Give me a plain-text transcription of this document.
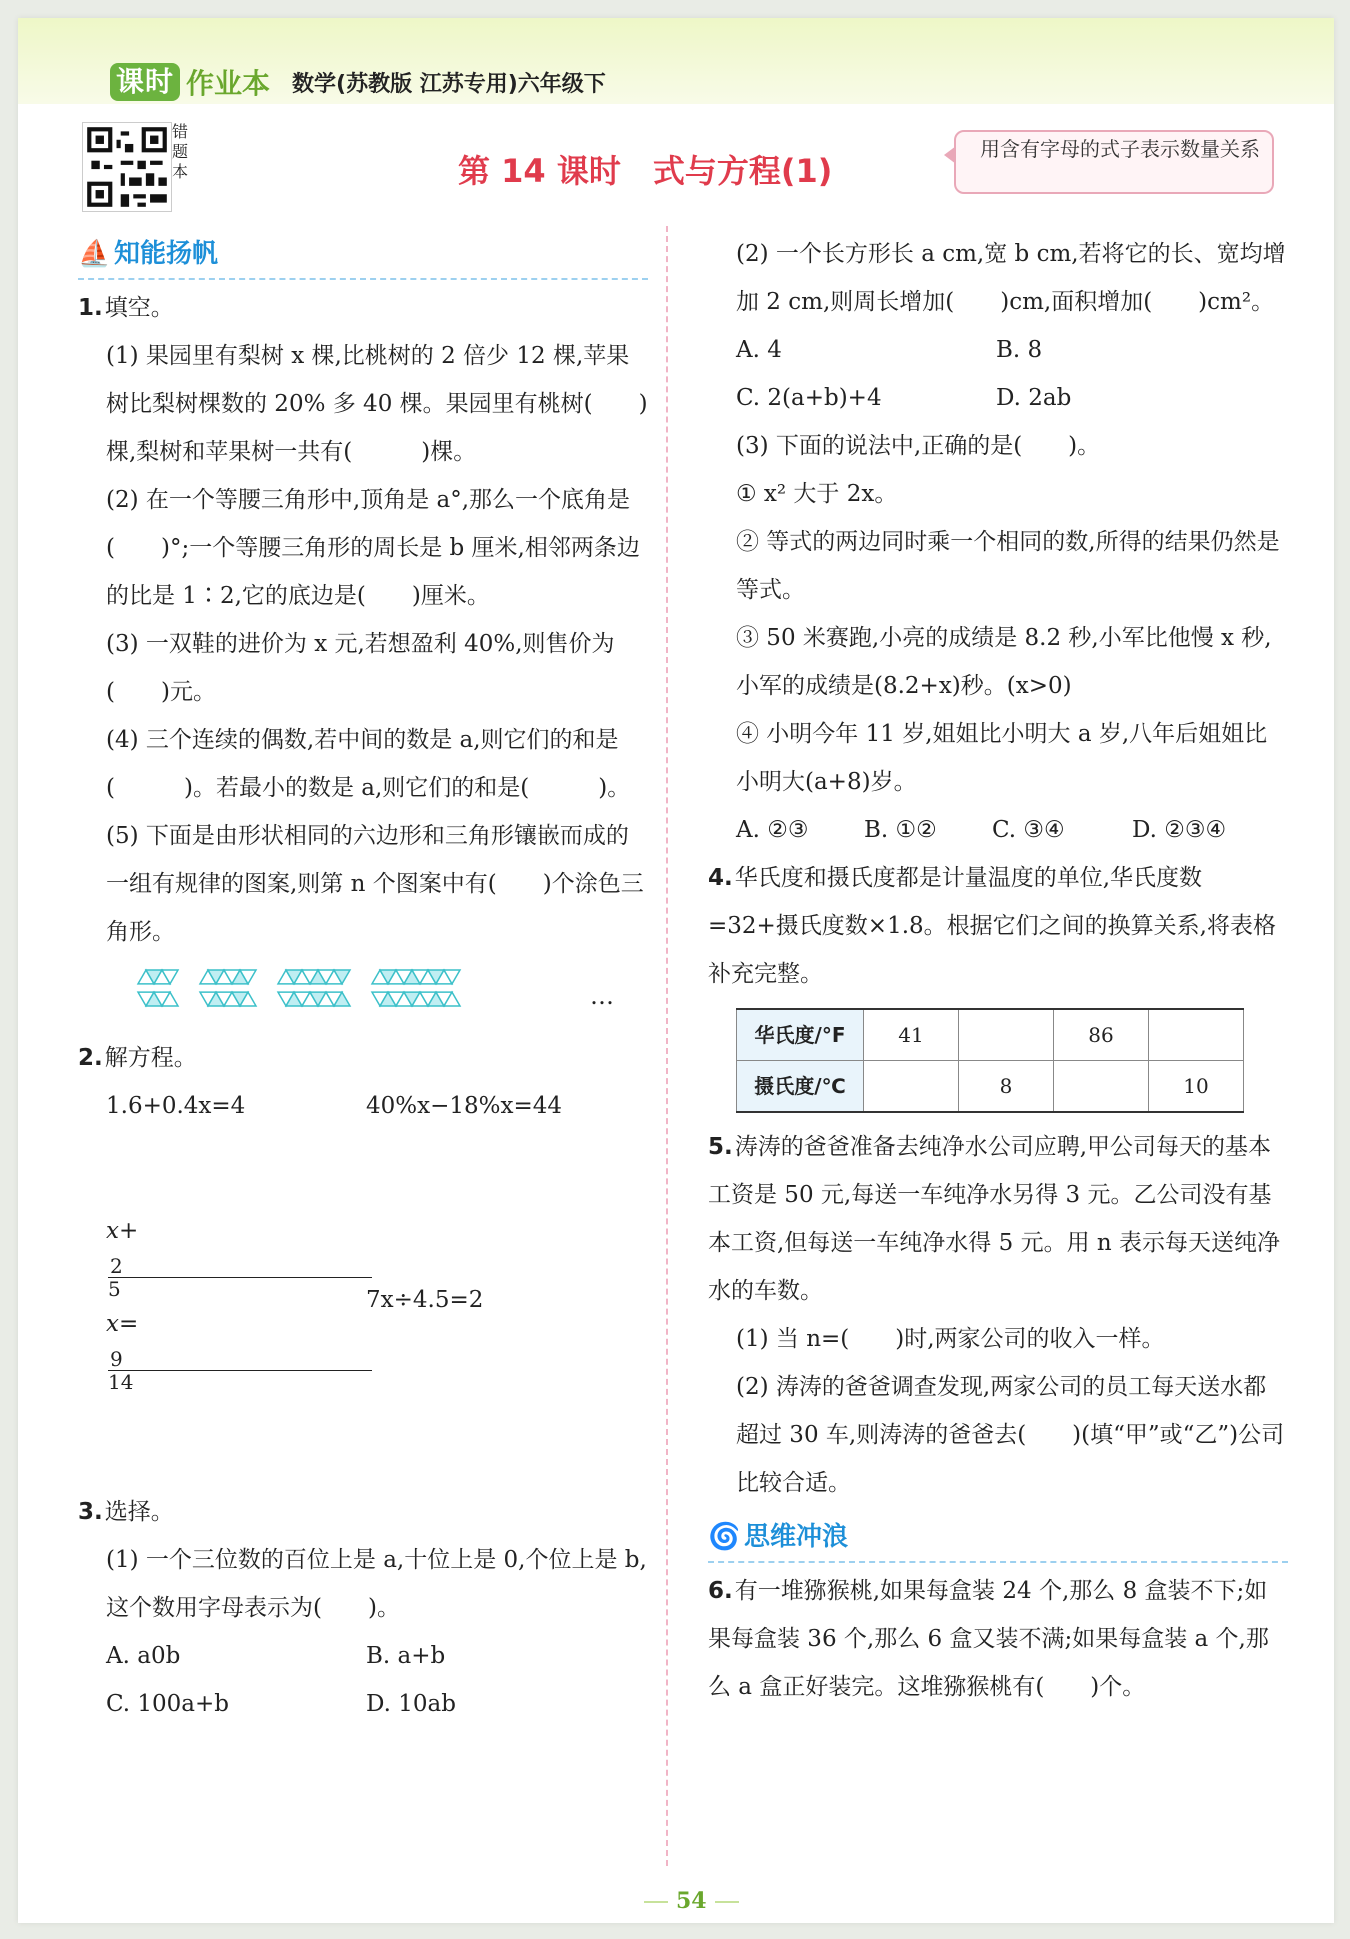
课时 作业本 数学(苏教版 江苏专用)六年级下
错题本	第 14 课时　式与方程(1)
用含有字母的式子表示数量关系
⛵ 知能扬帆

1.填空。

(1) 果园里有梨树 x 棵,比桃树的 2 倍少 12 棵,苹果树比梨树棵数的 20% 多 40 棵。果园里有桃树(　　)棵,梨树和苹果树一共有(　　　)棵。

(2) 在一个等腰三角形中,顶角是 a°,那么一个底角是(　　)°;一个等腰三角形的周长是 b 厘米,相邻两条边的比是 1∶2,它的底边是(　　)厘米。

(3) 一双鞋的进价为 x 元,若想盈利 40%,则售价为(　　)元。

(4) 三个连续的偶数,若中间的数是 a,则它们的和是(　　　)。若最小的数是 a,则它们的和是(　　　)。

(5) 下面是由形状相同的六边形和三角形镶嵌而成的一组有规律的图案,则第 n 个图案中有(　　)个涂色三角形。

…

2.解方程。

1.6+0.4x=4	40%x−18%x=44
x+
2
5
x=
9
14
7x÷4.5=2

3.选择。

(1) 一个三位数的百位上是 a,十位上是 0,个位上是 b,这个数用字母表示为(　　)。

A. a0b	B. a+b
C. 100a+b	D. 10ab

(2) 一个长方形长 a cm,宽 b cm,若将它的长、宽均增加 2 cm,则周长增加(　　)cm,面积增加(　　)cm²。

A. 4	B. 8
C. 2(a+b)+4	D. 2ab

(3) 下面的说法中,正确的是(　　)。

① x² 大于 2x。

② 等式的两边同时乘一个相同的数,所得的结果仍然是等式。

③ 50 米赛跑,小亮的成绩是 8.2 秒,小军比他慢 x 秒,小军的成绩是(8.2+x)秒。(x>0)

④ 小明今年 11 岁,姐姐比小明大 a 岁,八年后姐姐比小明大(a+8)岁。

A. ②③	B. ①②	C. ③④	D. ②③④

4.华氏度和摄氏度都是计量温度的单位,华氏度数=32+摄氏度数×1.8。根据它们之间的换算关系,将表格补充完整。

华氏度/°F	41		86	
摄氏度/℃		8		10

5.涛涛的爸爸准备去纯净水公司应聘,甲公司每天的基本工资是 50 元,每送一车纯净水另得 3 元。乙公司没有基本工资,但每送一车纯净水得 5 元。用 n 表示每天送纯净水的车数。

(1) 当 n=(　　)时,两家公司的收入一样。

(2) 涛涛的爸爸调查发现,两家公司的员工每天送水都超过 30 车,则涛涛的爸爸去(　　)(填“甲”或“乙”)公司比较合适。

🌀 思维冲浪

6.有一堆猕猴桃,如果每盒装 24 个,那么 8 盒装不下;如果每盒装 36 个,那么 6 盒又装不满;如果每盒装 a 个,那么 a 盒正好装完。这堆猕猴桃有(　　)个。

54
